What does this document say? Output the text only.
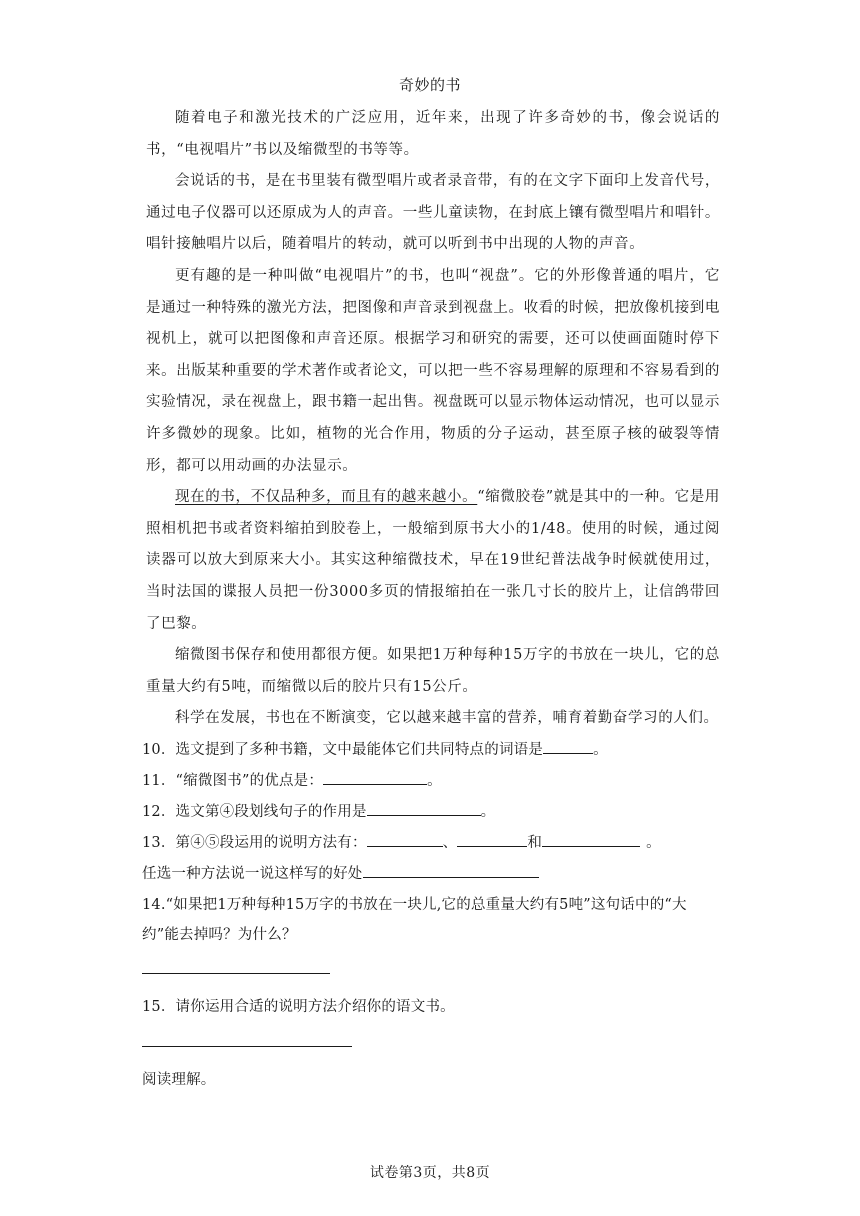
奇妙的书

随着电子和激光技术的广泛应用，近年来，出现了许多奇妙的书，像会说话的书，“电视唱片”书以及缩微型的书等等。

会说话的书，是在书里装有微型唱片或者录音带，有的在文字下面印上发音代号，通过电子仪器可以还原成为人的声音。一些儿童读物，在封底上镶有微型唱片和唱针。唱针接触唱片以后，随着唱片的转动，就可以听到书中出现的人物的声音。

更有趣的是一种叫做“电视唱片”的书，也叫“视盘”。它的外形像普通的唱片，它是通过一种特殊的激光方法，把图像和声音录到视盘上。收看的时候，把放像机接到电视机上，就可以把图像和声音还原。根据学习和研究的需要，还可以使画面随时停下来。出版某种重要的学术著作或者论文，可以把一些不容易理解的原理和不容易看到的实验情况，录在视盘上，跟书籍一起出售。视盘既可以显示物体运动情况，也可以显示许多微妙的现象。比如，植物的光合作用，物质的分子运动，甚至原子核的破裂等情形，都可以用动画的办法显示。

现在的书，不仅品种多，而且有的越来越小。“缩微胶卷”就是其中的一种。它是用照相机把书或者资料缩拍到胶卷上，一般缩到原书大小的1/48。使用的时候，通过阅读器可以放大到原来大小。其实这种缩微技术，早在19世纪普法战争时候就使用过，当时法国的谍报人员把一份3000多页的情报缩拍在一张几寸长的胶片上，让信鸽带回了巴黎。

缩微图书保存和使用都很方便。如果把1万种每种15万字的书放在一块儿，它的总重量大约有5吨，而缩微以后的胶片只有15公斤。

科学在发展，书也在不断演变，它以越来越丰富的营养，哺育着勤奋学习的人们。

10．选文提到了多种书籍，文中最能体它们共同特点的词语是	。

11．“缩微图书”的优点是：	。

12．选文第④段划线句子的作用是	。

13．第④⑤段运用的说明方法有：	、	和	。

任选一种方法说一说这样写的好处

14.“如果把1万种每种15万字的书放在一块儿,它的总重量大约有5吨”这句话中的“大约”能去掉吗？为什么？

15．请你运用合适的说明方法介绍你的语文书。

阅读理解。

试卷第3页，共8页
